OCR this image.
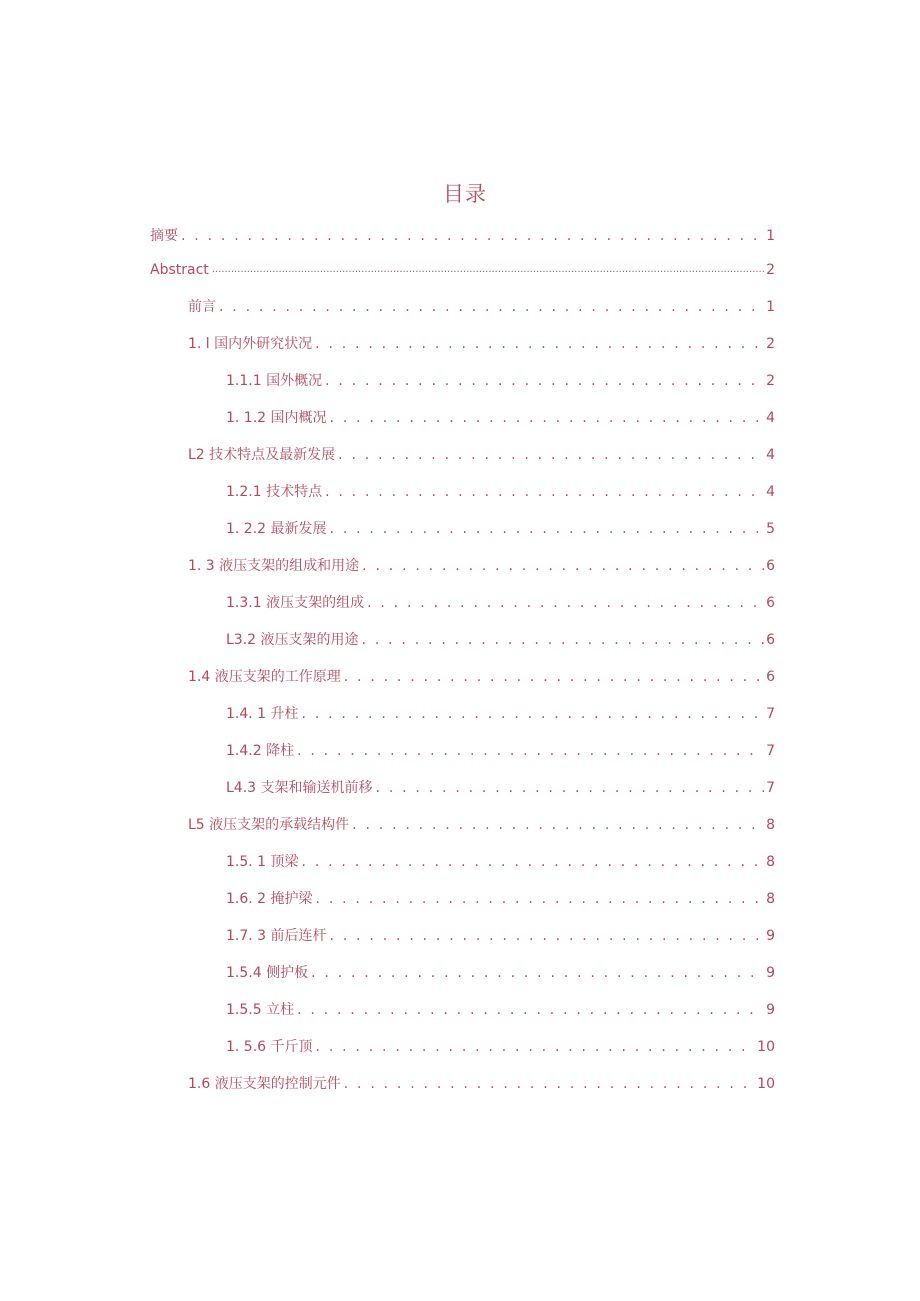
目录
摘要 . . .	1
Abstract .....	2
前言 . . .	1
1. l 国内外研究状况 . . .	2
1.1.1 国外概况 . . .	2
1. 1.2 国内概况 . . .	4
L2 技术特点及最新发展 . . .	4
1.2.1 技术特点 . . .	4
1. 2.2 最新发展 . . .	5
1. 3 液压支架的组成和用途 . . .	6
1.3.1 液压支架的组成 . . .	6
L3.2 液压支架的用途 . . .	6
1.4 液压支架的工作原理 . . .	6
1.4. 1 升柱 . . .	7
1.4.2 降柱 . . .	7
L4.3 支架和输送机前移 . . .	7
L5 液压支架的承载结构件 . . .	8
1.5. 1 顶梁 . . .	8
1.6. 2 掩护梁 . . .	8
1.7. 3 前后连杆 . . .	9
1.5.4 侧护板 . . .	9
1.5.5 立柱 . . .	9
1. 5.6 千斤顶 . . .	10
1.6 液压支架的控制元件 . . .	10
